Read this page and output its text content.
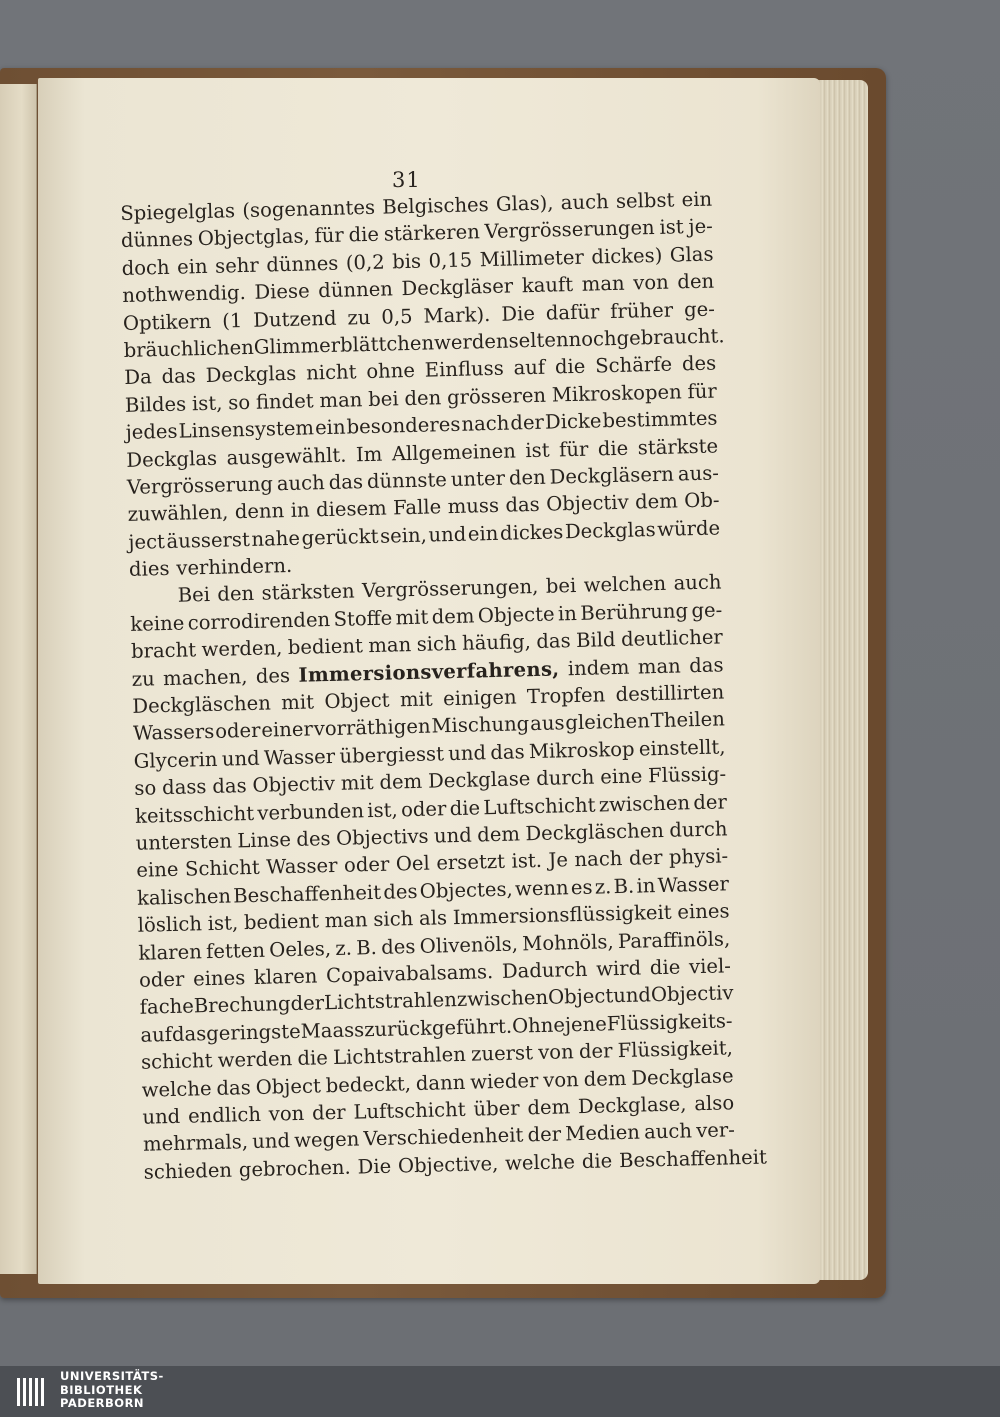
31
Spiegelglas (sogenanntes Belgisches Glas), auch selbst ein
dünnes Objectglas, für die stärkeren Vergrösserungen ist je-
doch ein sehr dünnes (0,2 bis 0,15 Millimeter dickes) Glas
nothwendig. Diese dünnen Deckgläser kauft man von den
Optikern (1 Dutzend zu 0,5 Mark). Die dafür früher ge-
bräuchlichen Glimmerblättchen werden selten noch gebraucht.
Da das Deckglas nicht ohne Einfluss auf die Schärfe des
Bildes ist, so findet man bei den grösseren Mikroskopen für
jedes Linsensystem ein besonderes nach der Dicke bestimmtes
Deckglas ausgewählt. Im Allgemeinen ist für die stärkste
Vergrösserung auch das dünnste unter den Deckgläsern aus-
zuwählen, denn in diesem Falle muss das Objectiv dem Ob-
ject äusserst nahe gerückt sein, und ein dickes Deckglas würde
dies verhindern.
Bei den stärksten Vergrösserungen, bei welchen auch
keine corrodirenden Stoffe mit dem Objecte in Berührung ge-
bracht werden, bedient man sich häufig, das Bild deutlicher
zu machen, des Immersionsverfahrens, indem man das
Deckgläschen mit Object mit einigen Tropfen destillirten
Wassers oder einer vorräthigen Mischung aus gleichen Theilen
Glycerin und Wasser übergiesst und das Mikroskop einstellt,
so dass das Objectiv mit dem Deckglase durch eine Flüssig-
keitsschicht verbunden ist, oder die Luftschicht zwischen der
untersten Linse des Objectivs und dem Deckgläschen durch
eine Schicht Wasser oder Oel ersetzt ist. Je nach der physi-
kalischen Beschaffenheit des Objectes, wenn es z. B. in Wasser
löslich ist, bedient man sich als Immersionsflüssigkeit eines
klaren fetten Oeles, z. B. des Olivenöls, Mohnöls, Paraffinöls,
oder eines klaren Copaivabalsams. Dadurch wird die viel-
fache Brechung der Lichtstrahlen zwischen Object und Objectiv
auf das geringste Maass zurückgeführt. Ohne jene Flüssigkeits-
schicht werden die Lichtstrahlen zuerst von der Flüssigkeit,
welche das Object bedeckt, dann wieder von dem Deckglase
und endlich von der Luftschicht über dem Deckglase, also
mehrmals, und wegen Verschiedenheit der Medien auch ver-
schieden gebrochen. Die Objective, welche die Beschaffenheit
UNIVERSITÄTS-
BIBLIOTHEK
PADERBORN
